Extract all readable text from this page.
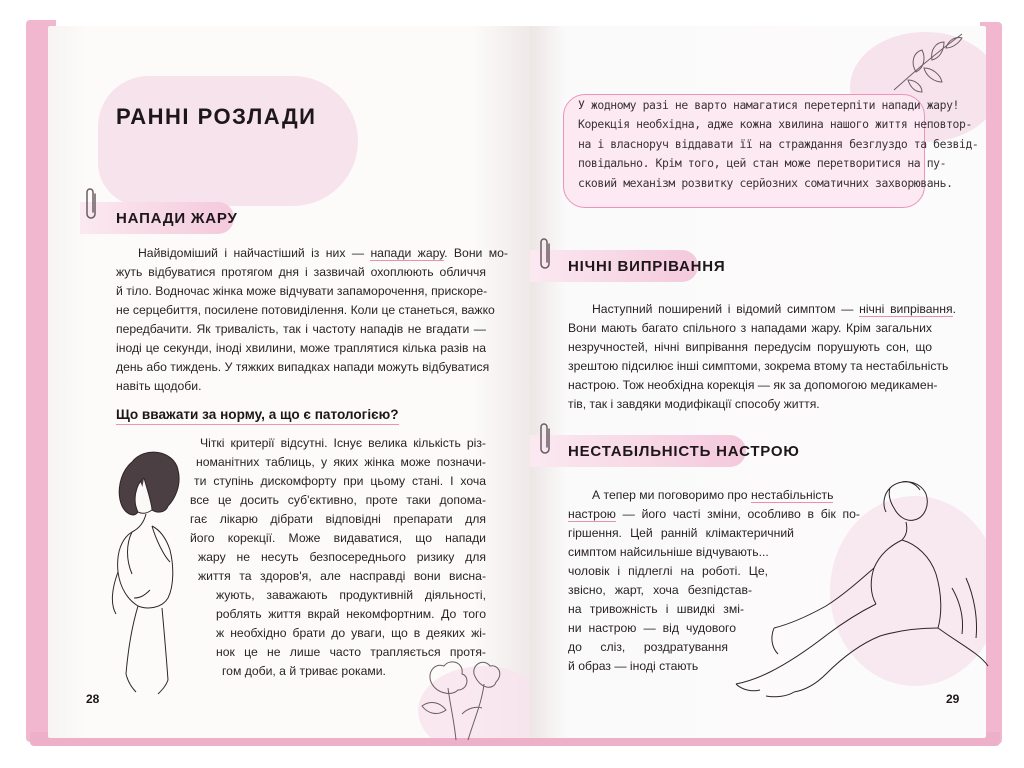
РАННІ РОЗЛАДИ
НАПАДИ ЖАРУ
Найвідоміший і найчастіший із них — напади жару. Вони мо-
жуть відбуватися протягом дня і зазвичай охоплюють обличчя
й тіло. Водночас жінка може відчувати запаморочення, прискоре-
не серцебиття, посилене потовиділення. Коли це станеться, важко
передбачити. Як тривалість, так і частоту нападів не вгадати —
іноді це секунди, іноді хвилини, може траплятися кілька разів на
день або тиждень. У тяжких випадках напади можуть відбуватися
навіть щодоби.
Що вважати за норму, а що є патологією?
Чіткі критерії відсутні. Існує велика кількість різ-
номанітних таблиць, у яких жінка може позначи-
ти ступінь дискомфорту при цьому стані. І хоча
все це досить суб'єктивно, проте таки допома-
гає лікарю дібрати відповідні препарати для
його корекції. Може видаватися, що напади
жару не несуть безпосереднього ризику для
життя та здоров'я, але насправді вони висна-
жують, заважають продуктивній діяльності,
роблять життя вкрай некомфортним. До того
ж необхідно брати до уваги, що в деяких жі-
нок це не лише часто трапляється протя-
гом доби, а й триває роками.
28
У жодному разі не варто намагатися перетерпіти напади жару!
Корекція необхідна, адже кожна хвилина нашого життя неповтор-
на і власноруч віддавати її на страждання безглуздо та безвід-
повідально. Крім того, цей стан може перетворитися на пу-
сковий механізм розвитку серйозних соматичних захворювань.
НІЧНІ ВИПРІВАННЯ
Наступний поширений і відомий симптом — нічні випрівання.
Вони мають багато спільного з нападами жару. Крім загальних
незручностей, нічні випрівання передусім порушують сон, що
зрештою підсилює інші симптоми, зокрема втому та нестабільність
настрою. Тож необхідна корекція — як за допомогою медикамен-
тів, так і завдяки модифікації способу життя.
НЕСТАБІЛЬНІСТЬ НАСТРОЮ
А тепер ми поговоримо про нестабільність
настрою — його часті зміни, особливо в бік по-
гіршення. Цей ранній клімактеричний
симптом найсильніше відчувають...
чоловік і підлеглі на роботі. Це,
звісно, жарт, хоча безпідстав-
на тривожність і швидкі змі-
ни настрою — від чудового
до сліз, роздратування
й образ — іноді стають
29
